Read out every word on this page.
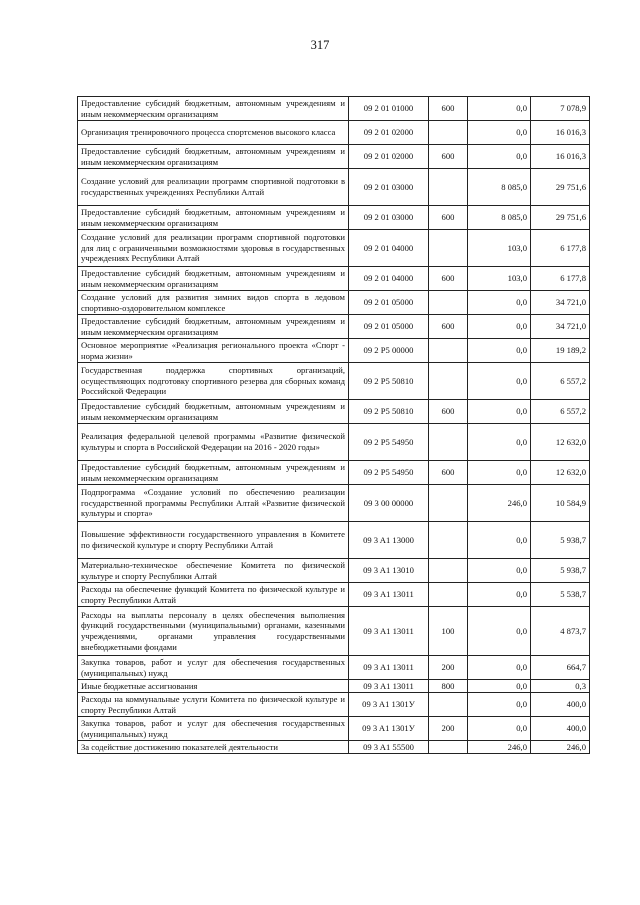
317
Предоставление субсидий бюджетным, автономным учреждениям и иным некоммерческим организациям	09 2 01 01000	600	0,0	7 078,9
Организация тренировочного процесса спортсменов высокого класса	09 2 01 02000		0,0	16 016,3
Предоставление субсидий бюджетным, автономным учреждениям и иным некоммерческим организациям	09 2 01 02000	600	0,0	16 016,3
Создание условий для реализации программ спортивной подготовки в государственных учреждениях Республики Алтай	09 2 01 03000		8 085,0	29 751,6
Предоставление субсидий бюджетным, автономным учреждениям и иным некоммерческим организациям	09 2 01 03000	600	8 085,0	29 751,6
Создание условий для реализации программ спортивной подготовки для лиц с ограниченными возможностями здоровья в государственных учреждениях Республики Алтай	09 2 01 04000		103,0	6 177,8
Предоставление субсидий бюджетным, автономным учреждениям и иным некоммерческим организациям	09 2 01 04000	600	103,0	6 177,8
Создание условий для развития зимних видов спорта в ледовом спортивно-оздоровительном комплексе	09 2 01 05000		0,0	34 721,0
Предоставление субсидий бюджетным, автономным учреждениям и иным некоммерческим организациям	09 2 01 05000	600	0,0	34 721,0
Основное мероприятие «Реализация регионального проекта «Спорт - норма жизни»	09 2 P5 00000		0,0	19 189,2
Государственная поддержка спортивных организаций, осуществляющих подготовку спортивного резерва для сборных команд Российской Федерации	09 2 P5 50810		0,0	6 557,2
Предоставление субсидий бюджетным, автономным учреждениям и иным некоммерческим организациям	09 2 P5 50810	600	0,0	6 557,2
Реализация федеральной целевой программы «Развитие физической культуры и спорта в Российской Федерации на 2016 - 2020 годы»	09 2 P5 54950		0,0	12 632,0
Предоставление субсидий бюджетным, автономным учреждениям и иным некоммерческим организациям	09 2 P5 54950	600	0,0	12 632,0
Подпрограмма «Создание условий по обеспечению реализации государственной программы Республики Алтай «Развитие физической культуры и спорта»	09 3 00 00000		246,0	10 584,9
Повышение эффективности государственного управления в Комитете по физической культуре и спорту Республики Алтай	09 3 A1 13000		0,0	5 938,7
Материально-техническое обеспечение Комитета по физической культуре и спорту Республики Алтай	09 3 A1 13010		0,0	5 938,7
Расходы на обеспечение функций Комитета по физической культуре и спорту Республики Алтай	09 3 A1 13011		0,0	5 538,7
Расходы на выплаты персоналу в целях обеспечения выполнения функций государственными (муниципальными) органами, казенными учреждениями, органами управления государственными внебюджетными фондами	09 3 A1 13011	100	0,0	4 873,7
Закупка товаров, работ и услуг для обеспечения государственных (муниципальных) нужд	09 3 A1 13011	200	0,0	664,7
Иные бюджетные ассигнования	09 3 A1 13011	800	0,0	0,3
Расходы на коммунальные услуги Комитета по физической культуре и спорту Республики Алтай	09 3 A1 1301У		0,0	400,0
Закупка товаров, работ и услуг для обеспечения государственных (муниципальных) нужд	09 3 A1 1301У	200	0,0	400,0
За содействие достижению показателей деятельности	09 3 A1 55500		246,0	246,0
